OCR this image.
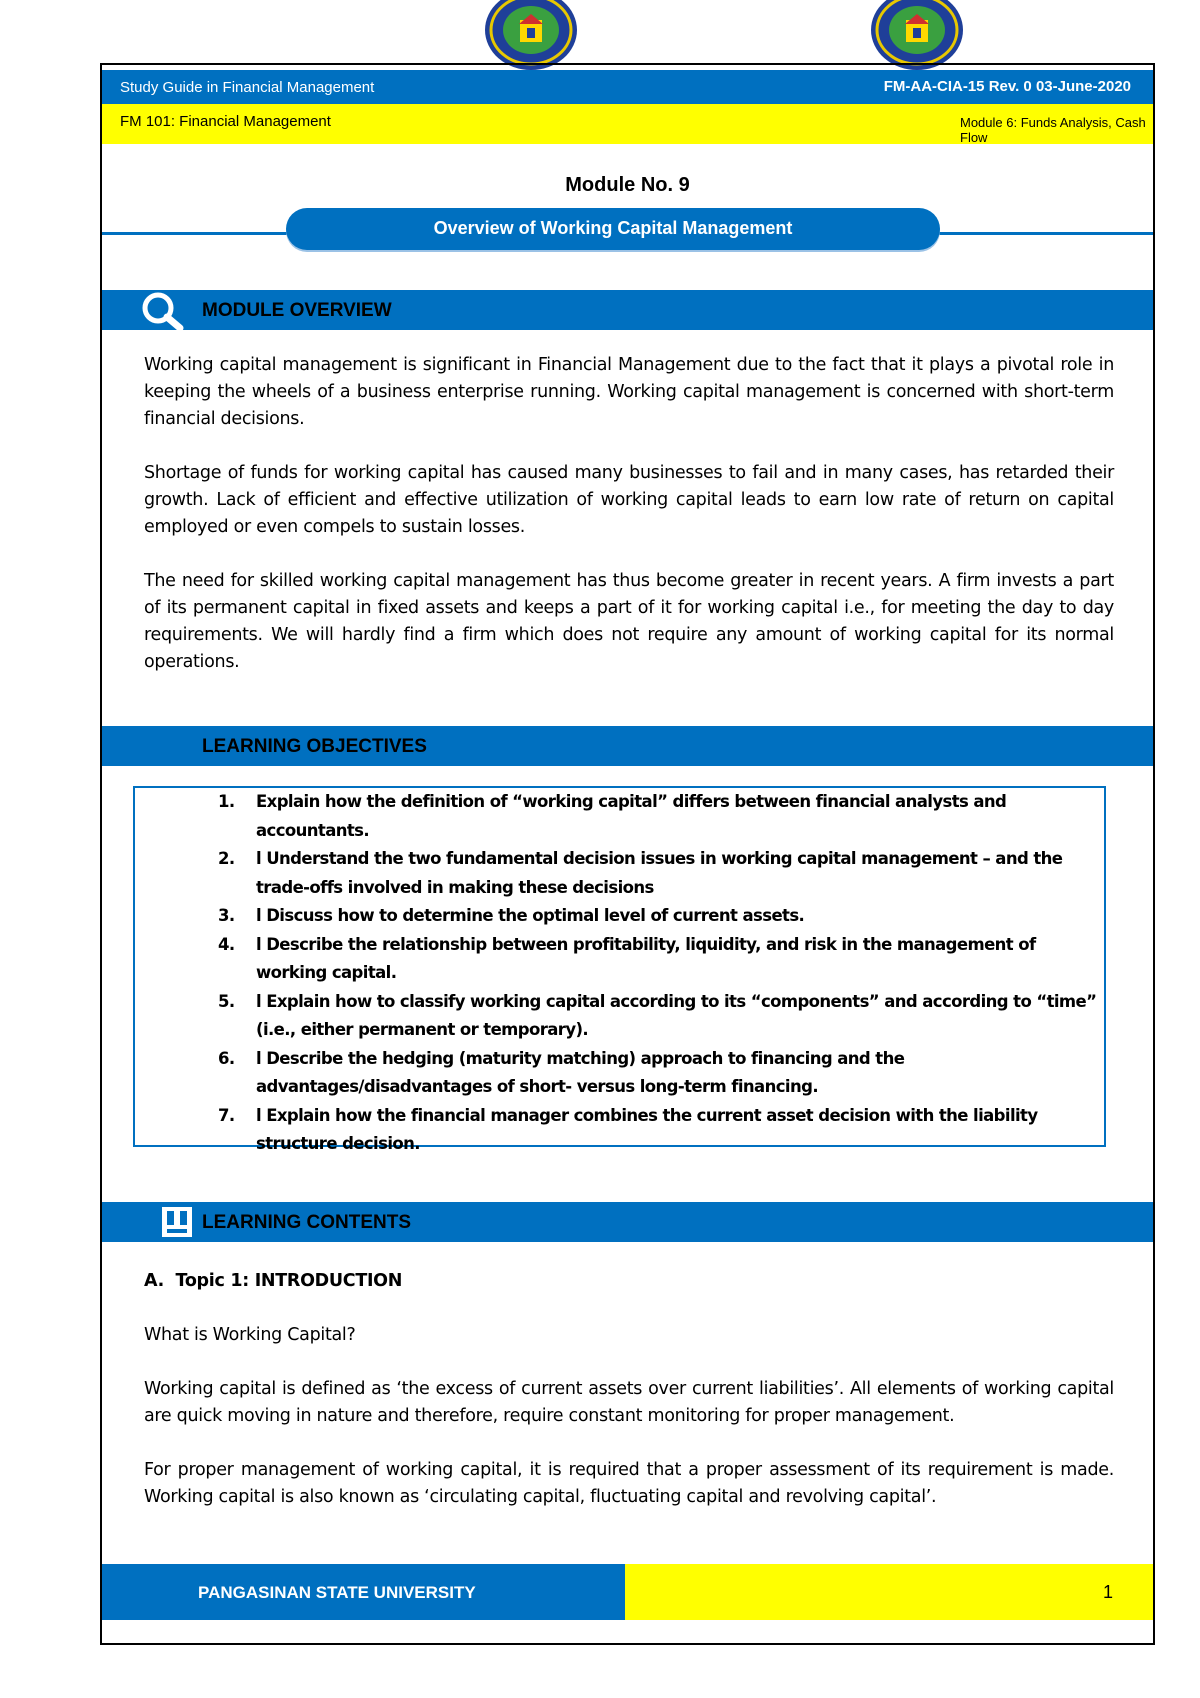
Study Guide in Financial Management	FM-AA-CIA-15 Rev. 0 03-June-2020
FM 101: Financial Management	Module 6: Funds Analysis, Cash Flow
Module No. 9
Overview of Working Capital Management
MODULE OVERVIEW
Working capital management is significant in Financial Management due to the fact that it plays a pivotal role in keeping the wheels of a business enterprise running. Working capital management is concerned with short-term financial decisions.
Shortage of funds for working capital has caused many businesses to fail and in many cases, has retarded their growth. Lack of efficient and effective utilization of working capital leads to earn low rate of return on capital employed or even compels to sustain losses.
The need for skilled working capital management has thus become greater in recent years. A firm invests a part of its permanent capital in fixed assets and keeps a part of it for working capital i.e., for meeting the day to day requirements. We will hardly find a firm which does not require any amount of working capital for its normal operations.
LEARNING OBJECTIVES
1. Explain how the definition of “working capital” differs between financial analysts and accountants.
2. l Understand the two fundamental decision issues in working capital management – and the trade-offs involved in making these decisions
3. l Discuss how to determine the optimal level of current assets.
4. l Describe the relationship between profitability, liquidity, and risk in the management of working capital.
5. l Explain how to classify working capital according to its “components” and according to “time” (i.e., either permanent or temporary).
6. l Describe the hedging (maturity matching) approach to financing and the advantages/disadvantages of short- versus long-term financing.
7. l Explain how the financial manager combines the current asset decision with the liability structure decision.
LEARNING CONTENTS
A.  Topic 1: INTRODUCTION
What is Working Capital?
Working capital is defined as ‘the excess of current assets over current liabilities’. All elements of working capital are quick moving in nature and therefore, require constant monitoring for proper management.
For proper management of working capital, it is required that a proper assessment of its requirement is made. Working capital is also known as ‘circulating capital, fluctuating capital and revolving capital’.
PANGASINAN STATE UNIVERSITY	1
